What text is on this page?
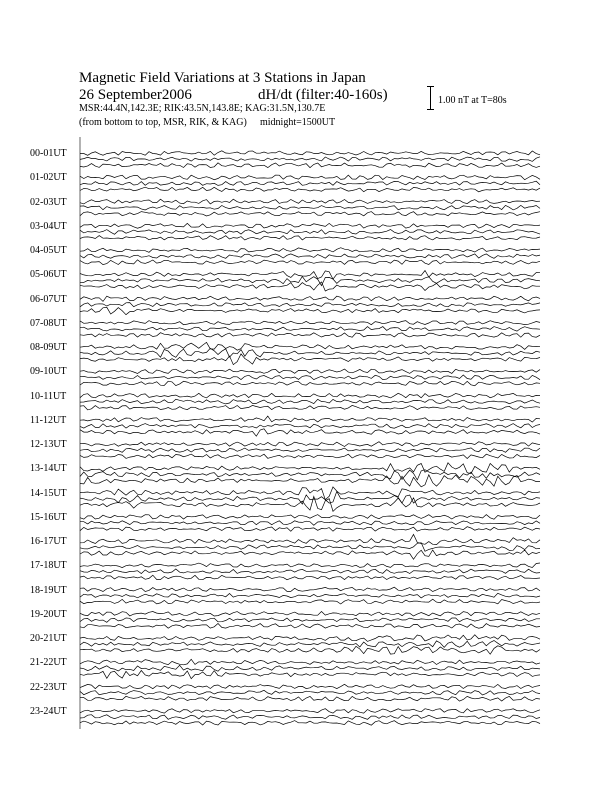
Magnetic Field Variations at 3 Stations in Japan
26 September2006	dH/dt (filter:40-160s)
MSR:44.4N,142.3E; RIK:43.5N,143.8E; KAG:31.5N,130.7E
(from bottom to top, MSR, RIK, & KAG) midnight=1500UT
1.00 nT at T=80s
00-01UT
01-02UT
02-03UT
03-04UT
04-05UT
05-06UT
06-07UT
07-08UT
08-09UT
09-10UT
10-11UT
11-12UT
12-13UT
13-14UT
14-15UT
15-16UT
16-17UT
17-18UT
18-19UT
19-20UT
20-21UT
21-22UT
22-23UT
23-24UT
